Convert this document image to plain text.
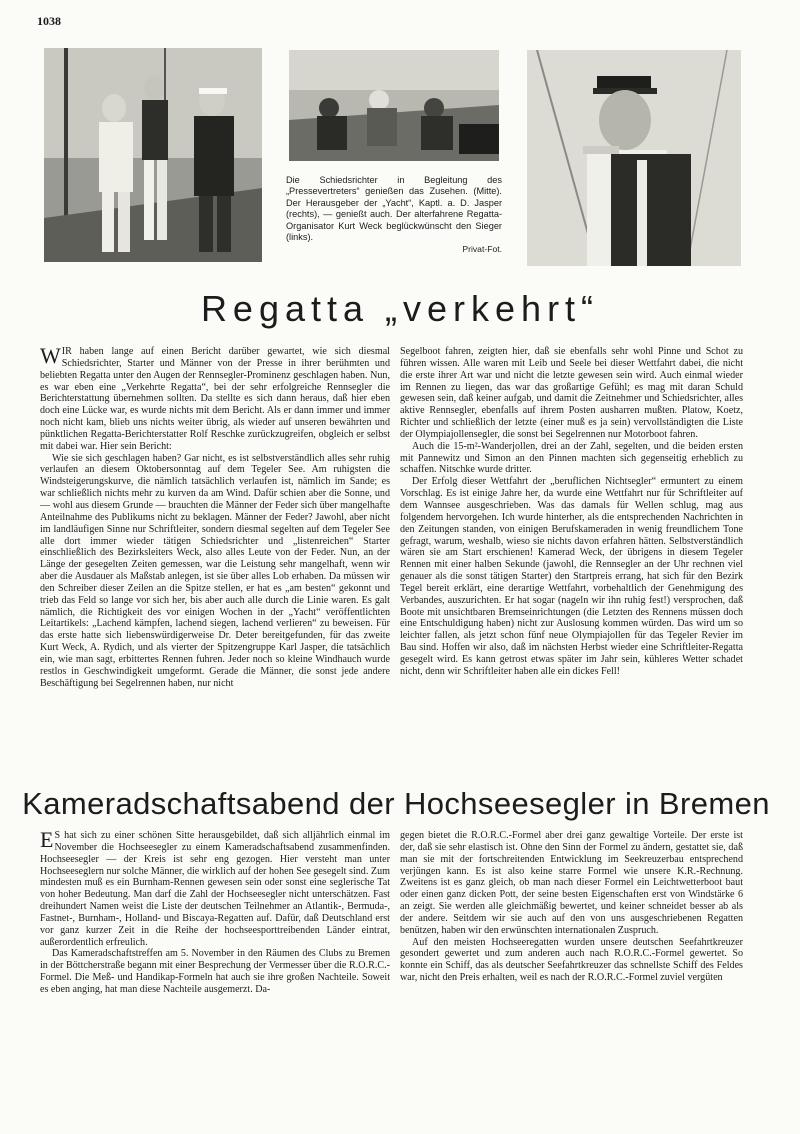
1038

Die Schiedsrichter in Begleitung des „Pressevertreters“ genießen das Zusehen. (Mitte). Der Herausgeber der „Yacht“, Kaptl. a. D. Jasper (rechts), — genießt auch. Der alterfahrene Regatta-Organisator Kurt Weck beglückwünscht den Sieger (links).

Privat-Fot.

Regatta „verkehrt“

WIR haben lange auf einen Bericht darüber gewartet, wie sich diesmal Schiedsrichter, Starter und Männer von der Presse in ihrer berühmten und beliebten Regatta unter den Augen der Rennsegler-Prominenz geschlagen haben. Nun, es war eben eine „Verkehrte Regatta“, bei der sehr erfolgreiche Rennsegler die Berichterstattung übernehmen sollten. Da stellte es sich dann heraus, daß hier eben doch eine Lücke war, es wurde nichts mit dem Bericht. Als er dann immer und immer noch nicht kam, blieb uns nichts weiter übrig, als wieder auf unseren bewährten und pünktlichen Regatta-Berichterstatter Rolf Reschke zurückzugreifen, obgleich er selbst mit dabei war. Hier sein Bericht:

Wie sie sich geschlagen haben? Gar nicht, es ist selbstverständlich alles sehr ruhig verlaufen an diesem Oktobersonntag auf dem Tegeler See. Am ruhigsten die Windsteigerungskurve, die nämlich tatsächlich verlaufen ist, nämlich im Sande; es war schließlich nichts mehr zu kurven da am Wind. Dafür schien aber die Sonne, und — wohl aus diesem Grunde — brauchten die Männer der Feder sich über mangelhafte Anteilnahme des Publikums nicht zu beklagen. Männer der Feder? Jawohl, aber nicht im landläufigen Sinne nur Schriftleiter, sondern diesmal segelten auf dem Tegeler See alle dort immer wieder tätigen Schiedsrichter und „listenreichen“ Starter einschließlich des Bezirksleiters Weck, also alles Leute von der Feder. Nun, an der Länge der gesegelten Zeiten gemessen, war die Leistung sehr mangelhaft, wenn wir aber die Ausdauer als Maßstab anlegen, ist sie über alles Lob erhaben. Da müssen wir den Schreiber dieser Zeilen an die Spitze stellen, er hat es „am besten“ gekonnt und trieb das Feld so lange vor sich her, bis aber auch alle durch die Linie waren. Es galt nämlich, die Richtigkeit des vor einigen Wochen in der „Yacht“ veröffentlichten Leitartikels: „Lachend kämpfen, lachend siegen, lachend verlieren“ zu beweisen. Für das erste hatte sich liebenswürdigerweise Dr. Deter bereitgefunden, für das zweite Kurt Weck, A. Rydich, und als vierter der Spitzengruppe Karl Jasper, die tatsächlich ein, wie man sagt, erbittertes Rennen fuhren. Jeder noch so kleine Windhauch wurde restlos in Geschwindigkeit umgeformt. Gerade die Männer, die sonst jede andere Beschäftigung bei Segelrennen haben, nur nicht

Segelboot fahren, zeigten hier, daß sie ebenfalls sehr wohl Pinne und Schot zu führen wissen. Alle waren mit Leib und Seele bei dieser Wettfahrt dabei, die nicht die erste ihrer Art war und nicht die letzte gewesen sein wird. Auch einmal wieder im Rennen zu liegen, das war das großartige Gefühl; es mag mit daran Schuld gewesen sein, daß keiner aufgab, und damit die Zeitnehmer und Schiedsrichter, alles aktive Rennsegler, ebenfalls auf ihrem Posten ausharren mußten. Platow, Koetz, Richter und schließlich der letzte (einer muß es ja sein) vervollständigten die Liste der Olympiajollensegler, die sonst bei Segelrennen nur Motorboot fahren.

Auch die 15-m²-Wanderjollen, drei an der Zahl, segelten, und die beiden ersten mit Pannewitz und Simon an den Pinnen machten sich gegenseitig erheblich zu schaffen. Nitschke wurde dritter.

Der Erfolg dieser Wettfahrt der „beruflichen Nichtsegler“ ermuntert zu einem Vorschlag. Es ist einige Jahre her, da wurde eine Wettfahrt nur für Schriftleiter auf dem Wannsee ausgeschrieben. Was das damals für Wellen schlug, mag aus folgendem hervorgehen. Ich wurde hinterher, als die entsprechenden Nachrichten in den Zeitungen standen, von einigen Berufskameraden in wenig freundlichem Tone gefragt, warum, weshalb, wieso sie nichts davon erfahren hätten. Selbstverständlich wären sie am Start erschienen! Kamerad Weck, der übrigens in diesem Tegeler Rennen mit einer halben Sekunde (jawohl, die Rennsegler an der Uhr rechnen viel genauer als die sonst tätigen Starter) den Startpreis errang, hat sich für den Bezirk Tegel bereit erklärt, eine derartige Wettfahrt, vorbehaltlich der Genehmigung des Verbandes, auszurichten. Er hat sogar (nageln wir ihn ruhig fest!) versprochen, daß Boote mit unsichtbaren Bremseinrichtungen (die Letzten des Rennens müssen doch eine Entschuldigung haben) nicht zur Auslosung kommen würden. Das wird um so leichter fallen, als jetzt schon fünf neue Olympiajollen für das Tegeler Revier im Bau sind. Hoffen wir also, daß im nächsten Herbst wieder eine Schriftleiter-Regatta gesegelt wird. Es kann getrost etwas später im Jahr sein, kühleres Wetter schadet nicht, denn wir Schriftleiter haben alle ein dickes Fell!

Kameradschaftsabend der Hochseesegler in Bremen

E S hat sich zu einer schönen Sitte herausgebildet, daß sich alljährlich einmal im November die Hochseesegler zu einem Kameradschaftsabend zusammenfinden. Hochseesegler — der Kreis ist sehr eng gezogen. Hier versteht man unter Hochseeseglern nur solche Männer, die wirklich auf der hohen See gesegelt sind. Zum mindesten muß es ein Burnham-Rennen gewesen sein oder sonst eine seglerische Tat von hoher Bedeutung. Man darf die Zahl der Hochseesegler nicht unterschätzen. Fast dreihundert Namen weist die Liste der deutschen Teilnehmer an Atlantik-, Bermuda-, Fastnet-, Burnham-, Holland- und Biscaya-Regatten auf. Dafür, daß Deutschland erst vor ganz kurzer Zeit in die Reihe der hochseesporttreibenden Länder eintrat, außerordentlich erfreulich.

Das Kameradschaftstreffen am 5. November in den Räumen des Clubs zu Bremen in der Böttcherstraße begann mit einer Besprechung der Vermesser über die R.O.R.C.-Formel. Die Meß- und Handikap-Formeln hat auch sie ihre großen Nachteile. Soweit es eben anging, hat man diese Nachteile ausgemerzt. Da-

gegen bietet die R.O.R.C.-Formel aber drei ganz gewaltige Vorteile. Der erste ist der, daß sie sehr elastisch ist. Ohne den Sinn der Formel zu ändern, gestattet sie, daß man sie mit der fortschreitenden Entwicklung im Seekreuzerbau entsprechend verjüngen kann. Es ist also keine starre Formel wie unsere K.R.-Rechnung. Zweitens ist es ganz gleich, ob man nach dieser Formel ein Leichtwetterboot baut oder einen ganz dicken Pott, der seine besten Eigenschaften erst von Windstärke 6 an zeigt. Sie werden alle gleichmäßig bewertet, und keiner schneidet besser ab als der andere. Seitdem wir sie auch auf den von uns ausgeschriebenen Regatten benützen, haben wir den erwünschten internationalen Zuspruch.

Auf den meisten Hochseeregatten wurden unsere deutschen Seefahrtkreuzer gesondert gewertet und zum anderen auch nach R.O.R.C.-Formel gewertet. So konnte ein Schiff, das als deutscher Seefahrtkreuzer das schnellste Schiff des Feldes war, nicht den Preis erhalten, weil es nach der R.O.R.C.-Formel zuviel vergüten
